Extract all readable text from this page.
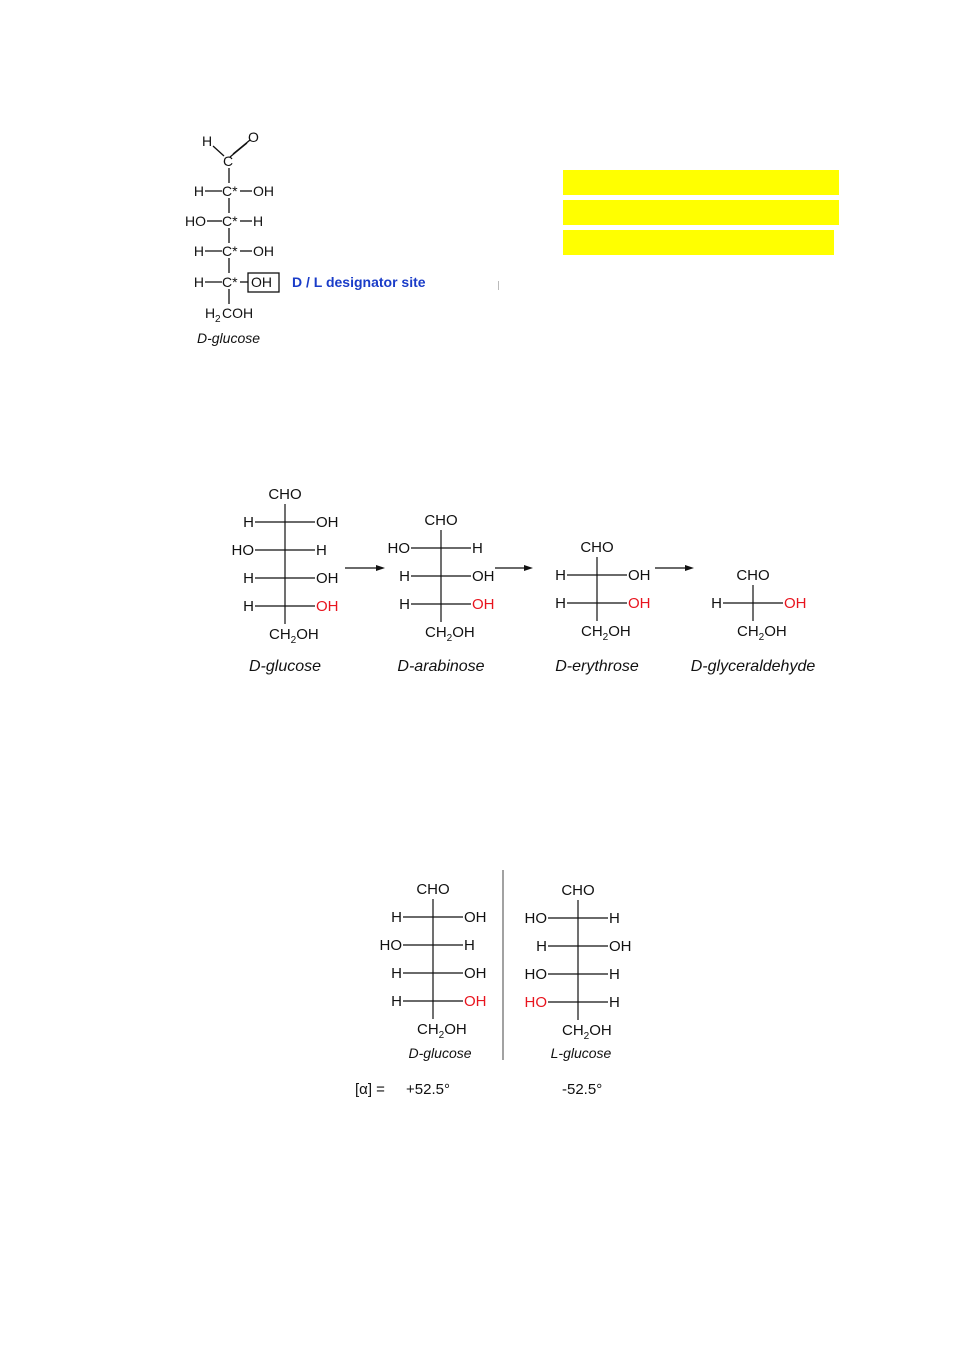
H	O
C
H C* OH
HO C* H
H C* OH
H C* OH D / L designator site
H 2 COH
D-glucose
CHO
H	OH
HO	H
H	OH
H	OH
$CH_2OH$
D-glucose
CHO
HO	H
H	OH
H	OH
$CH_2OH$
D-arabinose
CHO
H	OH
H	OH
$CH_2OH$
D-erythrose
CHO
H	OH
$CH_2OH$
D-glyceraldehyde
CHO
H	OH
HO	H
H	OH
H	OH
$CH_2OH$
CHO
HO	H
H	OH
HO	H
HO	H
$CH_2OH$
D-glucose	L-glucose
[α] = +52.5°	-52.5°
